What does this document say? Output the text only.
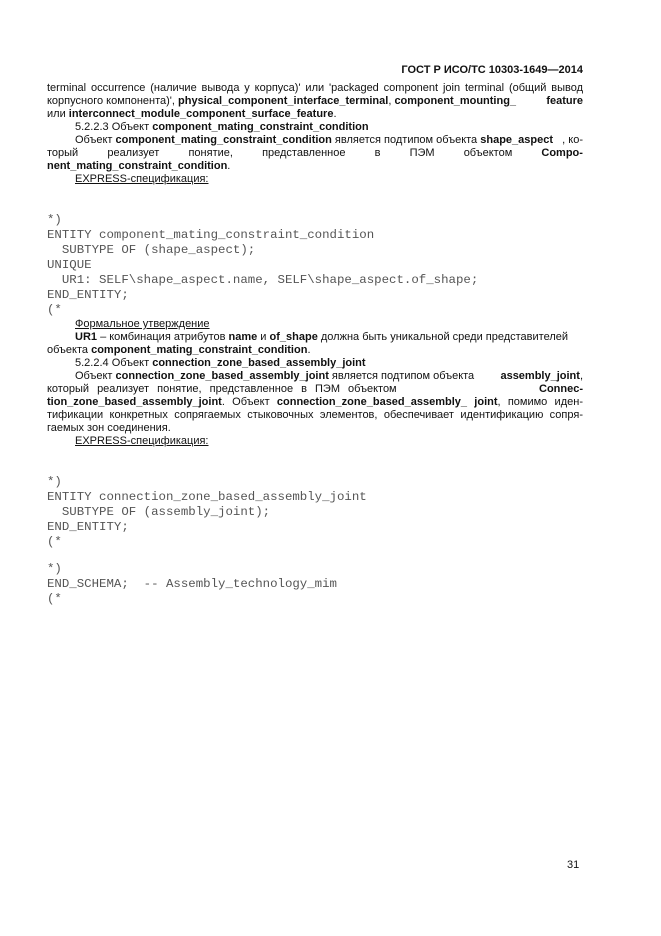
ГОСТ Р ИСО/ТС 10303-1649—2014
terminal occurrence (наличие вывода у корпуса)' или 'packaged component join terminal (общий вывод
корпусного компонента)', physical_component_interface_terminal, component_mounting_	feature
или interconnect_module_component_surface_feature.
5.2.2.3 Объект component_mating_constraint_condition
Объект component_mating_constraint_condition является подтипом объекта shape_aspect , ко-
торый	реализует	понятие,	представленное	в	ПЭМ	объектом	Compo-
nent_mating_constraint_condition.
EXPRESS-спецификация:

*)
ENTITY component_mating_constraint_condition
SUBTYPE OF (shape_aspect);
UNIQUE
UR1: SELF\shape_aspect.name, SELF\shape_aspect.of_shape;
END_ENTITY;
(*
Формальное утверждение
UR1 – комбинация атрибутов name и of_shape должна быть уникальной среди представителей
объекта component_mating_constraint_condition.
5.2.2.4 Объект connection_zone_based_assembly_joint
Объект connection_zone_based_assembly_joint является подтипом объекта assembly_joint,
который реализует понятие, представленное в ПЭМ объектом	Connec-
tion_zone_based_assembly_joint. Объект connection_zone_based_assembly_ joint, помимо иден-
тификации конкретных сопрягаемых стыковочных элементов, обеспечивает идентификацию сопря-
гаемых зон соединения.
EXPRESS-спецификация:

*)
ENTITY connection_zone_based_assembly_joint
SUBTYPE OF (assembly_joint);
END_ENTITY;
(*

*)
END_SCHEMA;  -- Assembly_technology_mim
(*
31
